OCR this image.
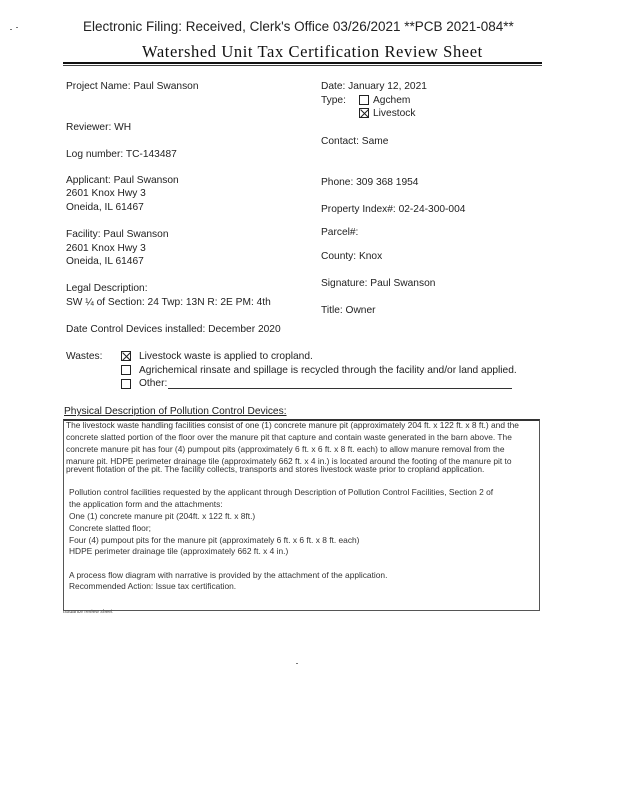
Electronic Filing: Received, Clerk's Office 03/26/2021 **PCB 2021-084**
Watershed Unit Tax Certification Review Sheet
Project Name: Paul Swanson
Reviewer: WH
Log number: TC-143487
Applicant: Paul Swanson
2601 Knox Hwy 3
Oneida, IL 61467
Facility: Paul Swanson
2601 Knox Hwy 3
Oneida, IL 61467
Legal Description:
SW ¼ of Section: 24 Twp: 13N R: 2E PM: 4th
Date Control Devices installed: December 2020
Date: January 12, 2021
Type:	Agchem
Livestock
Contact: Same
Phone: 309 368 1954
Property Index#: 02-24-300-004
Parcel#:
County: Knox
Signature: Paul Swanson
Title: Owner
Wastes:	Livestock waste is applied to cropland.
Agrichemical rinsate and spillage is recycled through the facility and/or land applied.
Other:
Physical Description of Pollution Control Devices:
The livestock waste handling facilities consist of one (1) concrete manure pit (approximately 204 ft. x 122 ft. x 8 ft.) and the
concrete slatted portion of the floor over the manure pit that capture and contain waste generated in the barn above. The
concrete manure pit has four (4) pumpout pits (approximately 6 ft. x 6 ft. x 8 ft. each) to allow manure removal from the
manure pit. HDPE perimeter drainage tile (approximately 662 ft. x 4 in.) is located around the footing of the manure pit to
prevent flotation of the pit. The facility collects, transports and stores livestock waste prior to cropland application.
Pollution control facilities requested by the applicant through Description of Pollution Control Facilities, Section 2 of
the application form and the attachments:
One (1) concrete manure pit (204ft. x 122 ft. x 8ft.)
Concrete slatted floor;
Four (4) pumpout pits for the manure pit (approximately 6 ft. x 6 ft. x 8 ft. each)
HDPE perimeter drainage tile (approximately 662 ft. x 4 in.)
A process flow diagram with narrative is provided by the attachment of the application.
Recommended Action: Issue tax certification.
Issuance review sheet
